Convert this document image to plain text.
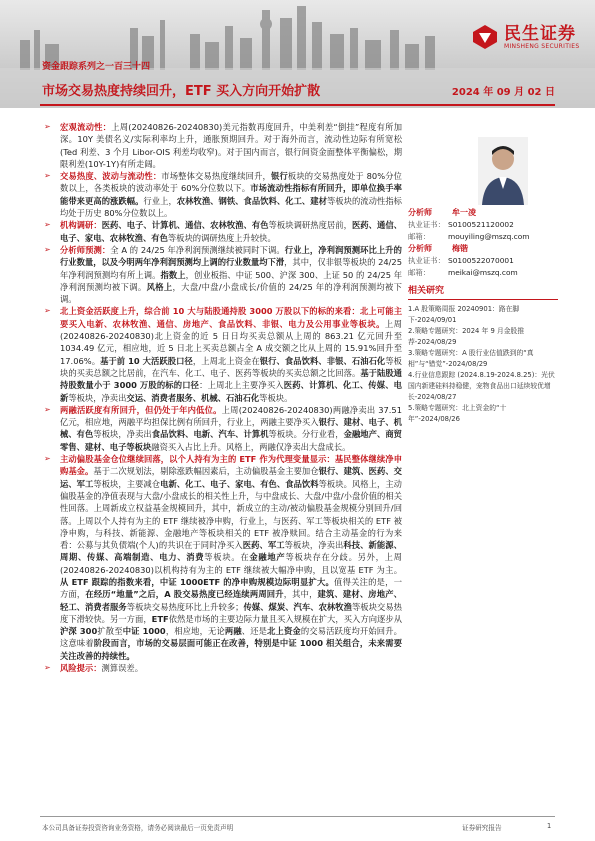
民生证券
MINSHENG SECURITIES
资金跟踪系列之一百三十四
市场交易热度持续回升，ETF 买入方向开始扩散	2024 年 09 月 02 日

➢ 宏观流动性：上周(20240826-20240830)美元指数再度回升，中美利差“倒挂”程度有所加深。10Y 美债名义/实际利率均上升，通胀预期回升。对于海外而言，流动性边际有所宽松(Ted 利差、3 个月 Libor-OIS 利差均收窄)。对于国内而言，银行间资金面整体平衡偏松，期限利差(10Y-1Y)有所走阔。

➢ 交易热度、波动与流动性：市场整体交易热度继续回升，银行板块的交易热度处于 80%分位数以上，各类板块的波动率处于 60%分位数以下。市场流动性指标有所回升，即单位换手率能带来更高的涨跌幅。行业上，农林牧渔、钢铁、食品饮料、化工、建材等板块的流动性指标均处于历史 80%分位数以上。

➢ 机构调研：医药、电子、计算机、通信、农林牧渔、有色等板块调研热度居前，医药、通信、电子、家电、农林牧渔、有色等板块的调研热度上升较快。

➢ 分析师预测：全 A 的 24/25 年净利润预测继续被同时下调。行业上，净利润预测环比上升的行业数量，以及今明两年净利润预测均上调的行业数量均下滑，其中，仅非银等板块的 24/25 年净利润预测均有所上调。指数上，创业板指、中证 500、沪深 300、上证 50 的 24/25 年净利润预测均被下调。风格上，大盘/中盘/小盘成长/价值的 24/25 年的净利润预测均被下调。

➢ 北上资金活跃度上升，综合前 10 大与陆股通持股 3000 万股以下的标的来看：北上可能主要买入电新、农林牧渔、通信、房地产、食品饮料、非银、电力及公用事业等板块。上周(20240826-20240830)北上资金的近 5 日日均买卖总额从上周的 863.21 亿元回升至 1034.49 亿元，相应地，近 5 日北上买卖总额占全 A 成交额之比从上周的 15.91%回升至 17.06%。基于前 10 大活跃股口径，上周北上资金在银行、食品饮料、非银、石油石化等板块的买卖总额之比居前，在汽车、化工、电子、医药等板块的买卖总额之比回落。基于陆股通持股数量小于 3000 万股的标的口径：上周北上主要净买入医药、计算机、化工、传媒、电新等板块，净卖出交运、消费者服务、机械、石油石化等板块。

➢ 两融活跃度有所回升，但仍处于年内低位。上周(20240826-20240830)两融净卖出 37.51 亿元，相应地，两融平均担保比例有所回升，行业上，两融主要净买入银行、建材、电子、机械、有色等板块，净卖出食品饮料、电新、汽车、计算机等板块。分行业看，金融地产、商贸零售、建材、电子等板块融资买入占比上升。风格上，两融仅净卖出大盘成长。

➢ 主动偏股基金仓位继续回落，以个人持有为主的 ETF 作为代理变量显示：基民整体继续净申购基金。基于二次规划法，剔除涨跌幅因素后，主动偏股基金主要加仓银行、建筑、医药、交运、军工等板块，主要减仓电新、化工、电子、家电、有色、食品饮料等板块。风格上，主动偏股基金的净值表现与大盘/小盘成长的相关性上升，与中盘成长、大盘/中盘/小盘价值的相关性回落。上周新成立权益基金规模回升，其中，新成立的主动/被动偏股基金规模分别回升/回落。上周以个人持有为主的 ETF 继续被净申购，行业上，与医药、军工等板块相关的 ETF 被净申购，与科技、新能源、金融地产等板块相关的 ETF 被净赎回。结合主动基金的行为来看：公募与其负债端(个人)的共识在于同时净买入医药、军工等板块，净卖出科技、新能源、周期、传媒、高端制造、电力、消费等板块。在金融地产等板块存在分歧。另外，上周(20240826-20240830)以机构持有为主的 ETF 继续被大幅净申购，且以宽基 ETF 为主。从 ETF 跟踪的指数来看，中证 1000ETF 的净申购规模边际明显扩大。值得关注的是，一方面，在经历“地量”之后，A 股交易热度已经连续两周回升，其中，建筑、建材、房地产、轻工、消费者服务等板块交易热度环比上升较多；传媒、煤炭、汽车、农林牧渔等板块交易热度下滑较快。另一方面，ETF依然是市场的主要边际力量且买入规模在扩大，买入方向逐步从沪深 300扩散至中证 1000，相应地，无论两融、还是北上资金的交易活跃度均开始回升。这意味着阶段而言，市场的交易层面可能正在改善，特别是中证 1000 相关组合，未来需要关注改善的持续性。

➢ 风险提示：测算误差。

分析师	牟一凌
执业证书： S0100521120002
邮箱：	mouyiling@mszq.com
分析师	梅锴
执业证书： S0100522070001
邮箱：	meikai@mszq.com
相关研究

1.A 股策略周报 20240901：路在脚下-2024/09/01

2.策略专题研究：2024 年 9 月金股推荐-2024/08/29

3.策略专题研究：A 股行业估值跌到的“真相”与“错觉”-2024/08/29

4.行业信息跟踪 (2024.8.19-2024.8.25)：光伏国内新建硅料持稳健，宠物食品出口延续较优增长-2024/08/27

5.策略专题研究：北上资金的“十年”-2024/08/26

本公司具备证券投资咨询业务资格，请务必阅读最后一页免责声明	证券研究报告	1
